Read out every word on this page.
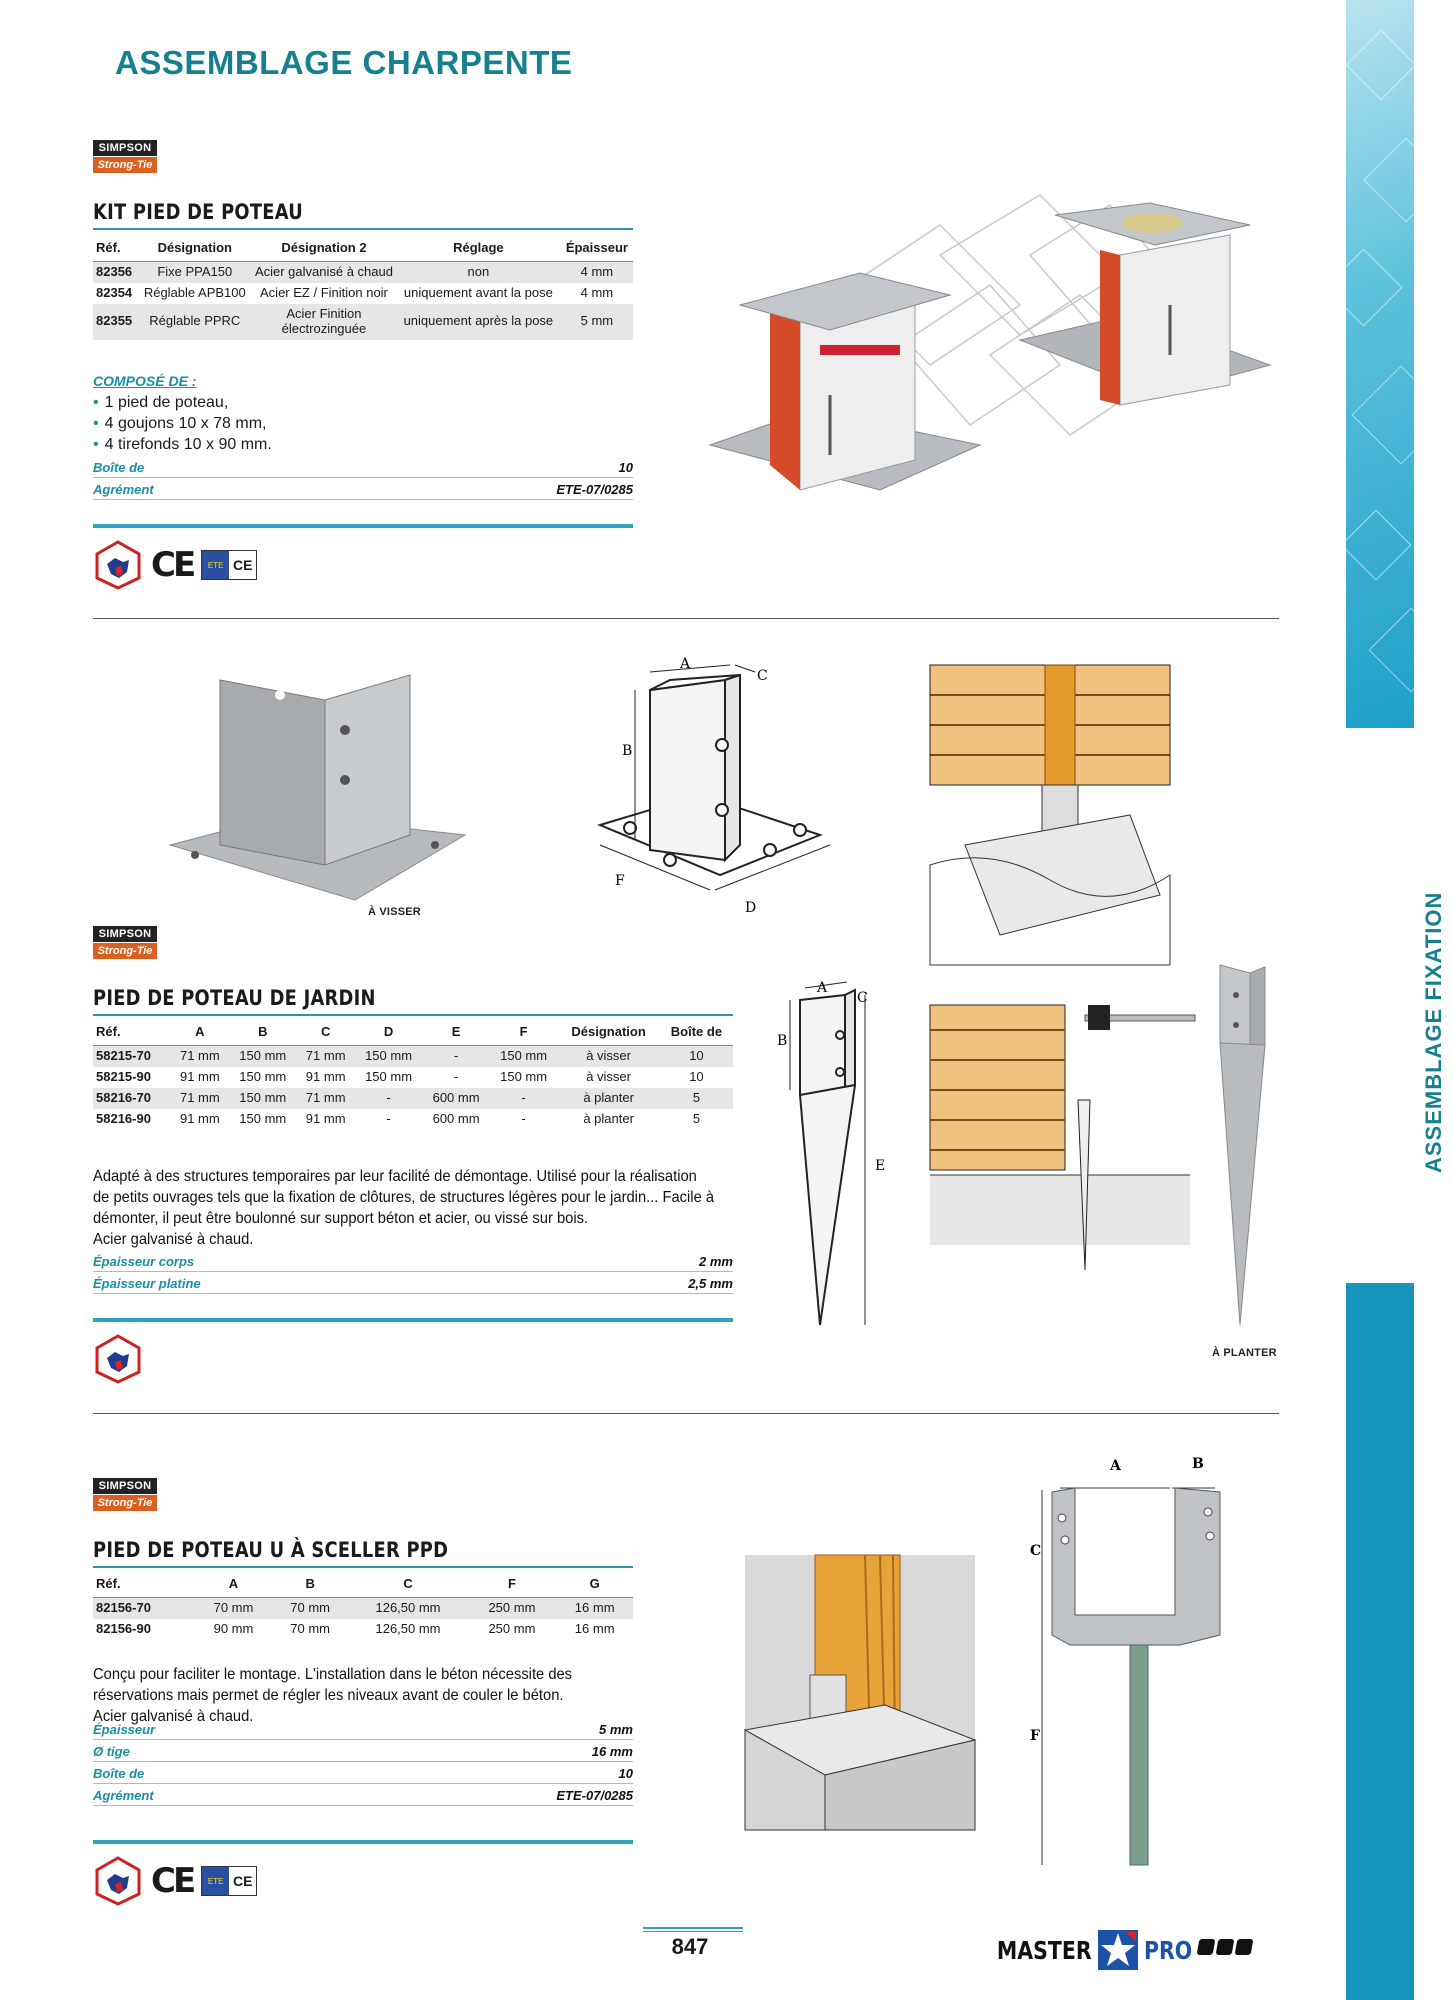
ASSEMBLAGE CHARPENTE
ASSEMBLAGE FIXATION
SIMPSON
Strong-Tie
KIT PIED DE POTEAU
Réf.	Désignation	Désignation 2	Réglage	Épaisseur
82356	Fixe PPA150	Acier galvanisé à chaud	non	4 mm
82354	Réglable APB100	Acier EZ / Finition noir	uniquement avant la pose	4 mm
82355	Réglable PPRC	Acier Finition électrozinguée	uniquement après la pose	5 mm
COMPOSÉ DE :
• 1 pied de poteau,
• 4 goujons 10 x 78 mm,
• 4 tirefonds 10 x 90 mm.
Boîte de	10
Agrément	ETE-07/0285
CE	ETE CE
À VISSER
A
C
B
D
F
SIMPSON
Strong-Tie
PIED DE POTEAU DE JARDIN
Réf.	A	B	C	D	E	F	Désignation	Boîte de
58215-70	71 mm	150 mm	71 mm	150 mm	-	150 mm	à visser	10
58215-90	91 mm	150 mm	91 mm	150 mm	-	150 mm	à visser	10
58216-70	71 mm	150 mm	71 mm	-	600 mm	-	à planter	5
58216-90	91 mm	150 mm	91 mm	-	600 mm	-	à planter	5
Adapté à des structures temporaires par leur facilité de démontage. Utilisé pour la réalisation
de petits ouvrages tels que la fixation de clôtures, de structures légères pour le jardin... Facile à
démonter, il peut être boulonné sur support béton et acier, ou vissé sur bois.
Acier galvanisé à chaud.
Épaisseur corps	2 mm
Épaisseur platine	2,5 mm
A
C
B
E
À PLANTER
SIMPSON
Strong-Tie
PIED DE POTEAU U À SCELLER PPD
Réf.	A	B	C	F	G
82156-70	70 mm	70 mm	126,50 mm	250 mm	16 mm
82156-90	90 mm	70 mm	126,50 mm	250 mm	16 mm
Conçu pour faciliter le montage. L'installation dans le béton nécessite des
réservations mais permet de régler les niveaux avant de couler le béton.
Acier galvanisé à chaud.
Épaisseur	5 mm
Ø tige	16 mm
Boîte de	10
Agrément	ETE-07/0285
CE	ETE CE
A	B
C
F
847	MASTER PRO
